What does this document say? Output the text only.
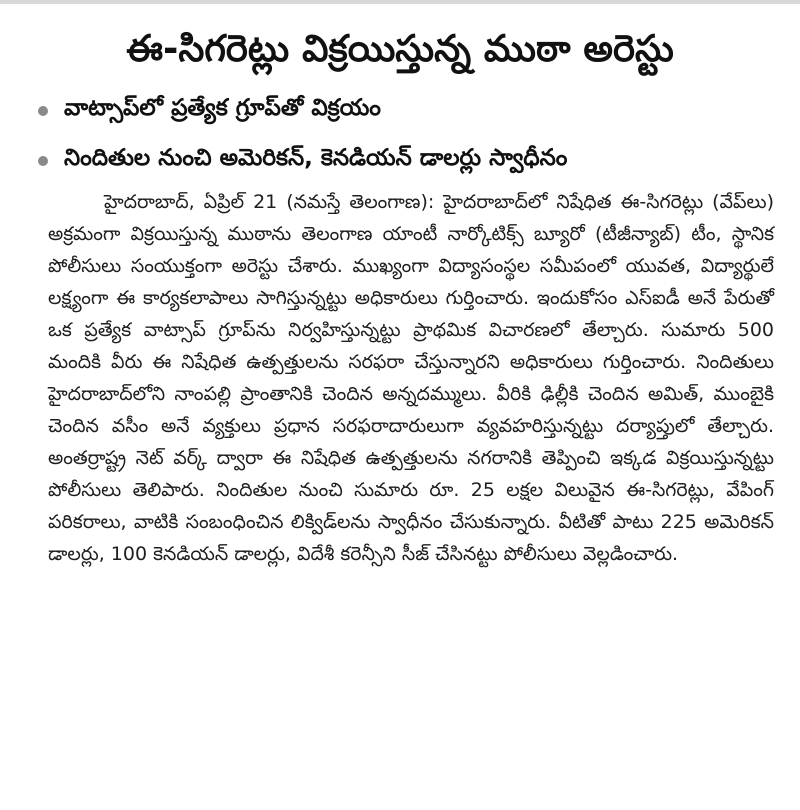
ఈ-సిగరెట్లు విక్రయిస్తున్న ముఠా అరెస్టు
వాట్సాప్‌లో ప్రత్యేక గ్రూప్‌తో విక్రయం
నిందితుల నుంచి అమెరికన్, కెనడియన్ డాలర్లు స్వాధీనం

హైదరాబాద్, ఏప్రిల్ 21 (నమస్తే తెలంగాణ): హైదరాబాద్‌లో నిషేధిత ఈ-సిగరెట్లు (వేప్‌లు) అక్రమంగా విక్రయిస్తున్న ముఠాను తెలంగాణ యాంటీ నార్కోటిక్స్ బ్యూరో (టీజీన్యాబ్) టీం, స్థానిక పోలీసులు సంయుక్తంగా అరెస్టు చేశారు. ముఖ్యంగా విద్యాసంస్థల సమీపంలో యువత, విద్యార్థులే లక్ష్యంగా ఈ కార్యకలాపాలు సాగిస్తున్నట్టు అధికారులు గుర్తించారు. ఇందుకోసం ఎస్ఐడీ అనే పేరుతో ఒక ప్రత్యేక వాట్సాప్ గ్రూప్‌ను నిర్వహిస్తున్నట్టు ప్రాథమిక విచారణలో తేల్చారు. సుమారు 500 మందికి వీరు ఈ నిషేధిత ఉత్పత్తులను సరఫరా చేస్తున్నారని అధికారులు గుర్తించారు. నిందితులు హైదరాబాద్‌లోని నాంపల్లి ప్రాంతానికి చెందిన అన్నదమ్ములు. వీరికి ఢిల్లీకి చెందిన అమిత్, ముంబైకి చెందిన వసీం అనే వ్యక్తులు ప్రధాన సరఫరాదారులుగా వ్యవహరిస్తున్నట్టు దర్యాప్తులో తేల్చారు. అంతర్రాష్ట్ర నెట్ వర్క్ ద్వారా ఈ నిషేధిత ఉత్పత్తులను నగరానికి తెప్పించి ఇక్కడ విక్రయిస్తున్నట్టు పోలీసులు తెలిపారు. నిందితుల నుంచి సుమారు రూ. 25 లక్షల విలువైన ఈ-సిగరెట్లు, వేపింగ్ పరికరాలు, వాటికి సంబంధించిన లిక్విడ్‌లను స్వాధీనం చేసుకున్నారు. వీటితో పాటు 225 అమెరికన్ డాలర్లు, 100 కెనడియన్ డాలర్లు, విదేశీ కరెన్సీని సీజ్ చేసినట్టు పోలీసులు వెల్లడించారు.
